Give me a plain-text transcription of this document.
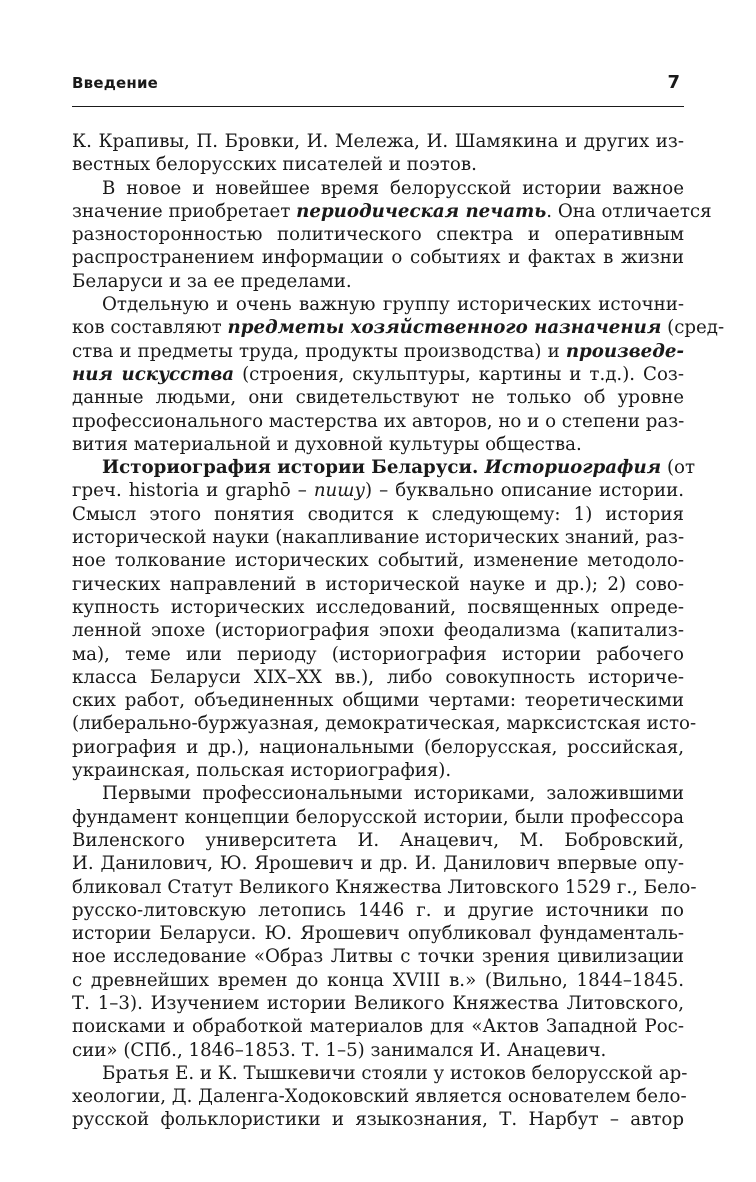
Введение	7
К. Крапивы, П. Бровки, И. Мележа, И. Шамякина и других из-
вестных белорусских писателей и поэтов.
В новое и новейшее время белорусской истории важное
значение приобретает периодическая печать. Она отличается
разносторонностью политического спектра и оперативным
распространением информации о событиях и фактах в жизни
Беларуси и за ее пределами.
Отдельную и очень важную группу исторических источни-
ков составляют предметы хозяйственного назначения (сред-
ства и предметы труда, продукты производства) и произведе-
ния искусства (строения, скульптуры, картины и т.д.). Соз-
данные людьми, они свидетельствуют не только об уровне
профессионального мастерства их авторов, но и о степени раз-
вития материальной и духовной культуры общества.
Историография истории Беларуси. Историография (от
греч. historia и graphō – пишу) – буквально описание истории.
Смысл этого понятия сводится к следующему: 1) история
исторической науки (накапливание исторических знаний, раз-
ное толкование исторических событий, изменение методоло-
гических направлений в исторической науке и др.); 2) сово-
купность исторических исследований, посвященных опреде-
ленной эпохе (историография эпохи феодализма (капитализ-
ма), теме или периоду (историография истории рабочего
класса Беларуси XIX–XX вв.), либо совокупность историче-
ских работ, объединенных общими чертами: теоретическими
(либерально-буржуазная, демократическая, марксистская исто-
риография и др.), национальными (белорусская, российская,
украинская, польская историография).
Первыми профессиональными историками, заложившими
фундамент концепции белорусской истории, были профессора
Виленского университета И. Анацевич, М. Бобровский,
И. Данилович, Ю. Ярошевич и др. И. Данилович впервые опу-
бликовал Статут Великого Княжества Литовского 1529 г., Бело-
русско-литовскую летопись 1446 г. и другие источники по
истории Беларуси. Ю. Ярошевич опубликовал фундаменталь-
ное исследование «Образ Литвы с точки зрения цивилизации
с древнейших времен до конца XVIII в.» (Вильно, 1844–1845.
Т. 1–3). Изучением истории Великого Княжества Литовского,
поисками и обработкой материалов для «Актов Западной Рос-
сии» (СПб., 1846–1853. Т. 1–5) занимался И. Анацевич.
Братья Е. и К. Тышкевичи стояли у истоков белорусской ар-
хеологии, Д. Даленга-Ходоковский является основателем бело-
русской фольклористики и языкознания, Т. Нарбут – автор
